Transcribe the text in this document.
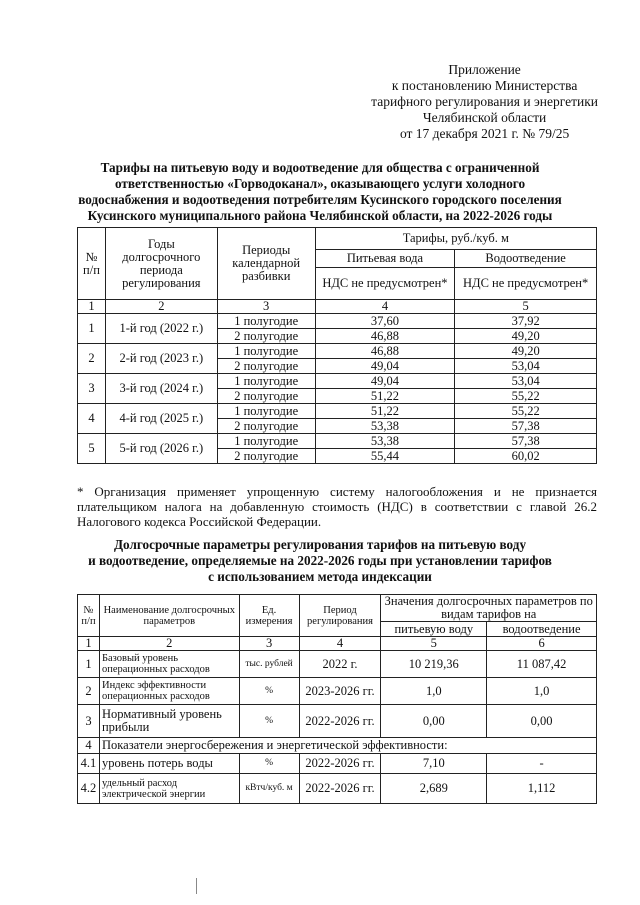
Приложение
к постановлению Министерства
тарифного регулирования и энергетики
Челябинской области
от 17 декабря 2021 г. № 79/25
Тарифы на питьевую воду и водоотведение для общества с ограниченной
ответственностью «Горводоканал», оказывающего услуги холодного
водоснабжения и водоотведения потребителям Кусинского городского поселения
Кусинского муниципального района Челябинской области, на 2022-2026 годы
№ п/п	Годы долгосрочного периода регулирования	Периоды календарной разбивки	Тарифы, руб./куб. м	
			Питьевая вода	Водоотведение
			НДС не предусмотрен*	НДС не предусмотрен*
1	2	3	4	5
1	1-й год (2022 г.)	1 полугодие	37,60	37,92
		2 полугодие	46,88	49,20
2	2-й год (2023 г.)	1 полугодие	46,88	49,20
		2 полугодие	49,04	53,04
3	3-й год (2024 г.)	1 полугодие	49,04	53,04
		2 полугодие	51,22	55,22
4	4-й год (2025 г.)	1 полугодие	51,22	55,22
		2 полугодие	53,38	57,38
5	5-й год (2026 г.)	1 полугодие	53,38	57,38
		2 полугодие	55,44	60,02
* Организация применяет упрощенную систему налогообложения и не признается плательщиком налога на добавленную стоимость (НДС) в соответствии с главой 26.2 Налогового кодекса Российской Федерации.
Долгосрочные параметры регулирования тарифов на питьевую воду
и водоотведение, определяемые на 2022-2026 годы при установлении тарифов
с использованием метода индексации
№ п/п	Наименование долгосрочных параметров	Ед. измерения	Период регулирования	Значения долгосрочных параметров по видам тарифов на	
				питьевую воду	водоотведение
1	2	3	4	5	6
1	Базовый уровень операционных расходов	тыс. рублей	2022 г.	10 219,36	11 087,42
2	Индекс эффективности операционных расходов	%	2023-2026 гг.	1,0	1,0
3	Нормативный уровень прибыли	%	2022-2026 гг.	0,00	0,00
4	Показатели энергосбережения и энергетической эффективности:				
4.1	уровень потерь воды	%	2022-2026 гг.	7,10	-
4.2	удельный расход электрической энергии	кВтч/куб. м	2022-2026 гг.	2,689	1,112
